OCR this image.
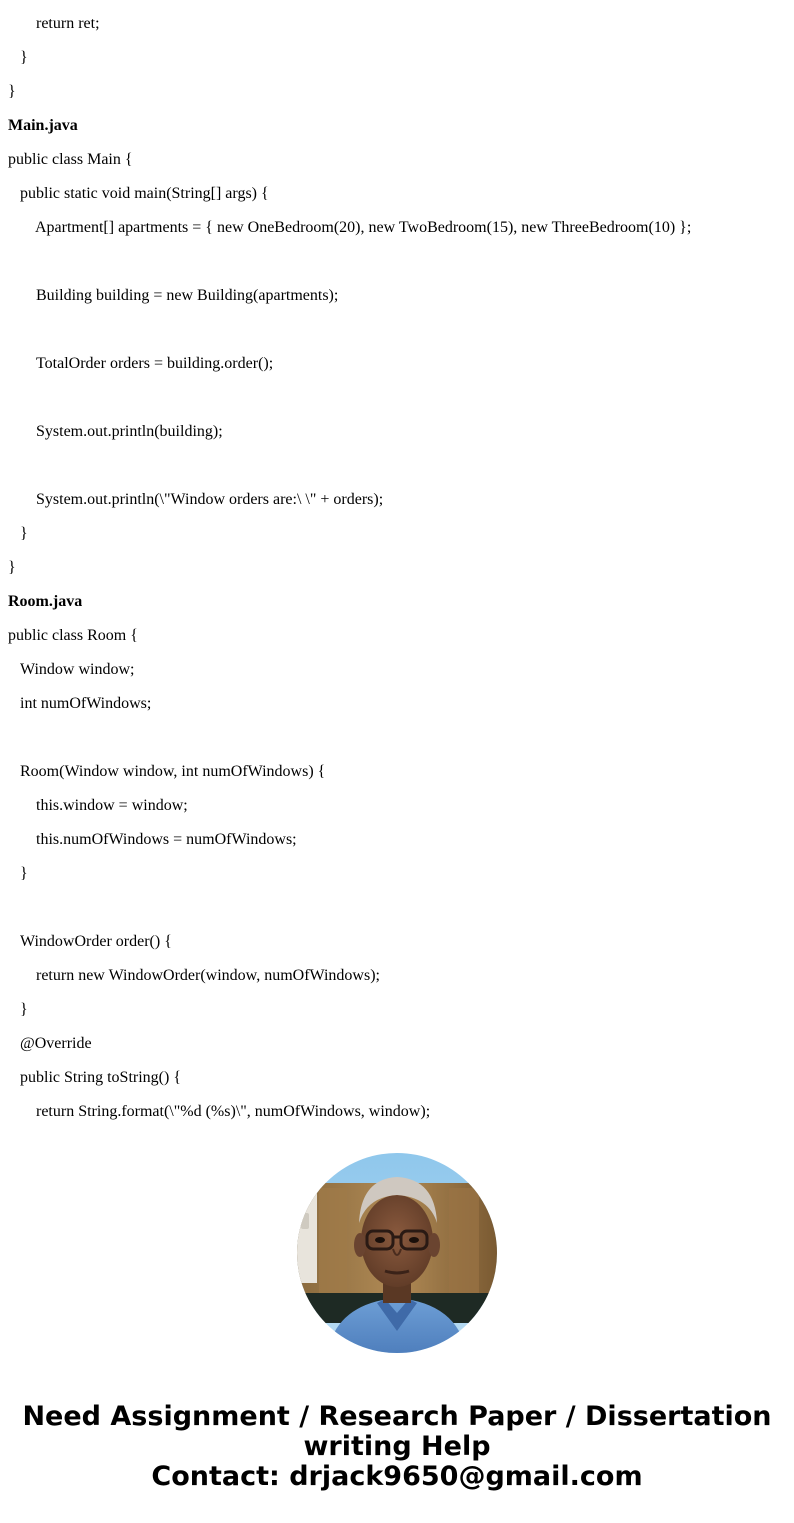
return ret;
}
}
Main.java
public class Main {
public static void main(String[] args) {
Apartment[] apartments = { new OneBedroom(20), new TwoBedroom(15), new ThreeBedroom(10) };
Building building = new Building(apartments);
TotalOrder orders = building.order();
System.out.println(building);
System.out.println(\"Window orders are:\ \" + orders);
}
}
Room.java
public class Room {
Window window;
int numOfWindows;
Room(Window window, int numOfWindows) {
this.window = window;
this.numOfWindows = numOfWindows;
}
WindowOrder order() {
return new WindowOrder(window, numOfWindows);
}
@Override
public String toString() {
return String.format(\"%d (%s)\", numOfWindows, window);
Need Assignment / Research Paper / Dissertation
writing Help
Contact: drjack9650@gmail.com
